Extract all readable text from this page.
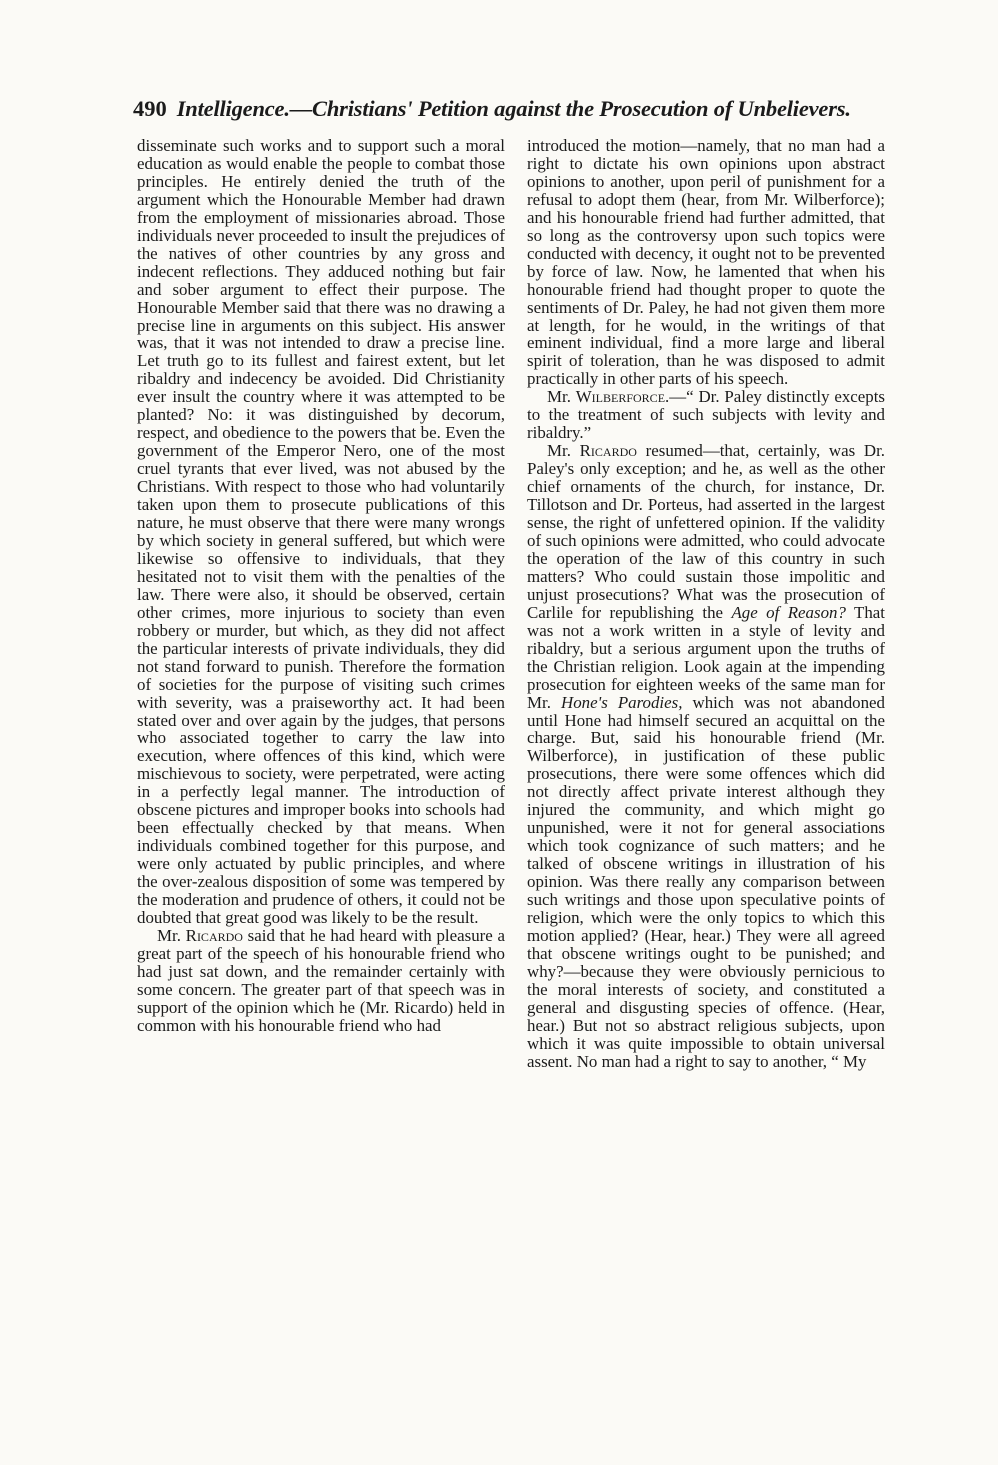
490 Intelligence.—Christians' Petition against the Prosecution of Unbelievers.

disseminate such works and to support such a moral education as would enable the people to combat those principles. He entirely denied the truth of the argument which the Honourable Member had drawn from the employment of missionaries abroad. Those individuals never proceeded to insult the prejudices of the natives of other countries by any gross and indecent reflections. They adduced nothing but fair and sober argument to effect their purpose. The Honourable Member said that there was no drawing a precise line in arguments on this subject. His answer was, that it was not intended to draw a precise line. Let truth go to its fullest and fairest extent, but let ribaldry and indecency be avoided. Did Christianity ever insult the country where it was attempted to be planted? No: it was distinguished by decorum, respect, and obedience to the powers that be. Even the government of the Emperor Nero, one of the most cruel tyrants that ever lived, was not abused by the Christians. With respect to those who had voluntarily taken upon them to prosecute publications of this nature, he must observe that there were many wrongs by which society in general suffered, but which were likewise so offensive to individuals, that they hesitated not to visit them with the penalties of the law. There were also, it should be observed, certain other crimes, more injurious to society than even robbery or murder, but which, as they did not affect the particular interests of private individuals, they did not stand forward to punish. Therefore the formation of societies for the purpose of visiting such crimes with severity, was a praiseworthy act. It had been stated over and over again by the judges, that persons who associated together to carry the law into execution, where offences of this kind, which were mischievous to society, were perpetrated, were acting in a perfectly legal manner. The introduction of obscene pictures and improper books into schools had been effectually checked by that means. When individuals combined together for this purpose, and were only actuated by public principles, and where the over-zealous disposition of some was tempered by the moderation and prudence of others, it could not be doubted that great good was likely to be the result.

Mr. Ricardo said that he had heard with pleasure a great part of the speech of his honourable friend who had just sat down, and the remainder certainly with some concern. The greater part of that speech was in support of the opinion which he (Mr. Ricardo) held in common with his honourable friend who had

introduced the motion—namely, that no man had a right to dictate his own opinions upon abstract opinions to another, upon peril of punishment for a refusal to adopt them (hear, from Mr. Wilberforce); and his honourable friend had further admitted, that so long as the controversy upon such topics were conducted with decency, it ought not to be prevented by force of law. Now, he lamented that when his honourable friend had thought proper to quote the sentiments of Dr. Paley, he had not given them more at length, for he would, in the writings of that eminent individual, find a more large and liberal spirit of toleration, than he was disposed to admit practically in other parts of his speech.

Mr. Wilberforce.—“ Dr. Paley distinctly excepts to the treatment of such subjects with levity and ribaldry.”

Mr. Ricardo resumed—that, certainly, was Dr. Paley's only exception; and he, as well as the other chief ornaments of the church, for instance, Dr. Tillotson and Dr. Porteus, had asserted in the largest sense, the right of unfettered opinion. If the validity of such opinions were admitted, who could advocate the operation of the law of this country in such matters? Who could sustain those impolitic and unjust prosecutions? What was the prosecution of Carlile for republishing the Age of Reason? That was not a work written in a style of levity and ribaldry, but a serious argument upon the truths of the Christian religion. Look again at the impending prosecution for eighteen weeks of the same man for Mr. Hone's Parodies, which was not abandoned until Hone had himself secured an acquittal on the charge. But, said his honourable friend (Mr. Wilberforce), in justification of these public prosecutions, there were some offences which did not directly affect private interest although they injured the community, and which might go unpunished, were it not for general associations which took cognizance of such matters; and he talked of obscene writings in illustration of his opinion. Was there really any comparison between such writings and those upon speculative points of religion, which were the only topics to which this motion applied? (Hear, hear.) They were all agreed that obscene writings ought to be punished; and why?—because they were obviously pernicious to the moral interests of society, and constituted a general and disgusting species of offence. (Hear, hear.) But not so abstract religious subjects, upon which it was quite impossible to obtain universal assent. No man had a right to say to another, “ My
